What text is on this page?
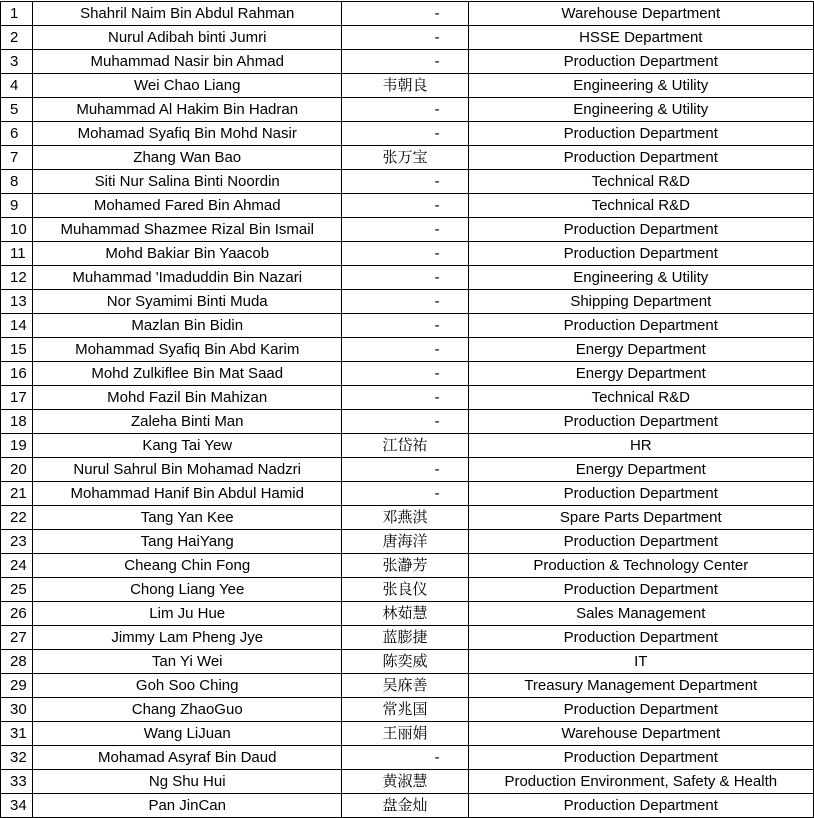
1	Shahril Naim Bin Abdul Rahman	-	Warehouse Department
2	Nurul Adibah binti Jumri	-	HSSE Department
3	Muhammad Nasir bin Ahmad	-	Production Department
4	Wei Chao Liang	韦朝良	Engineering & Utility
5	Muhammad Al Hakim Bin Hadran	-	Engineering & Utility
6	Mohamad Syafiq Bin Mohd Nasir	-	Production Department
7	Zhang Wan Bao	张万宝	Production Department
8	Siti Nur Salina Binti Noordin	-	Technical R&D
9	Mohamed Fared Bin Ahmad	-	Technical R&D
10	Muhammad Shazmee Rizal Bin Ismail	-	Production Department
11	Mohd Bakiar Bin Yaacob	-	Production Department
12	Muhammad 'Imaduddin Bin Nazari	-	Engineering & Utility
13	Nor Syamimi Binti Muda	-	Shipping Department
14	Mazlan Bin Bidin	-	Production Department
15	Mohammad Syafiq Bin Abd Karim	-	Energy Department
16	Mohd Zulkiflee Bin Mat Saad	-	Energy Department
17	Mohd Fazil Bin Mahizan	-	Technical R&D
18	Zaleha Binti Man	-	Production Department
19	Kang Tai Yew	江岱祐	HR
20	Nurul Sahrul Bin Mohamad Nadzri	-	Energy Department
21	Mohammad Hanif Bin Abdul Hamid	-	Production Department
22	Tang Yan Kee	邓燕淇	Spare Parts Department
23	Tang HaiYang	唐海洋	Production Department
24	Cheang Chin Fong	张瀞芳	Production & Technology Center
25	Chong Liang Yee	张良仪	Production Department
26	Lim Ju Hue	林茹慧	Sales Management
27	Jimmy Lam Pheng Jye	蓝膨捷	Production Department
28	Tan Yi Wei	陈奕威	IT
29	Goh Soo Ching	吴庥善	Treasury Management Department
30	Chang ZhaoGuo	常兆国	Production Department
31	Wang LiJuan	王丽娟	Warehouse Department
32	Mohamad Asyraf Bin Daud	-	Production Department
33	Ng Shu Hui	黄淑慧	Production Environment, Safety & Health
34	Pan JinCan	盘金灿	Production Department
